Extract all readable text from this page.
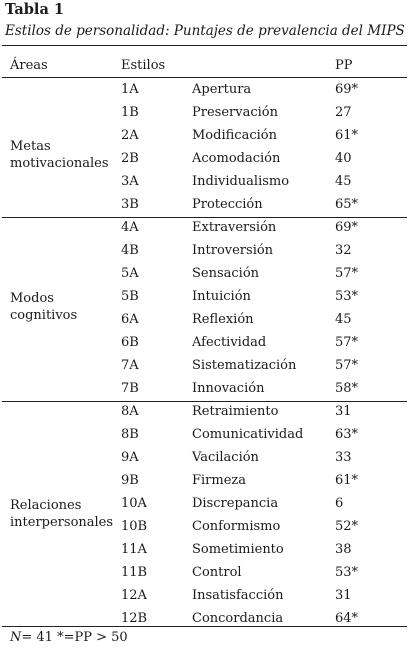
Tabla 1
Estilos de personalidad: Puntajes de prevalencia del MIPS
Áreas	Estilos	PP
Metas
motivacionales
1A	Apertura	69*
1B	Preservación	27
2A	Modificación	61*
2B	Acomodación	40
3A	Individualismo	45
3B	Protección	65*
Modos
cognitivos
4A	Extraversión	69*
4B	Introversión	32
5A	Sensación	57*
5B	Intuición	53*
6A	Reflexión	45
6B	Afectividad	57*
7A	Sistematización	57*
7B	Innovación	58*
Relaciones
interpersonales
8A	Retraimiento	31
8B	Comunicatividad 63*
9A	Vacilación	33
9B	Firmeza	61*
10A	Discrepancia	6
10B	Conformismo	52*
11A	Sometimiento	38
11B	Control	53*
12A	Insatisfacción	31
12B	Concordancia	64*
N= 41 *=PP > 50
